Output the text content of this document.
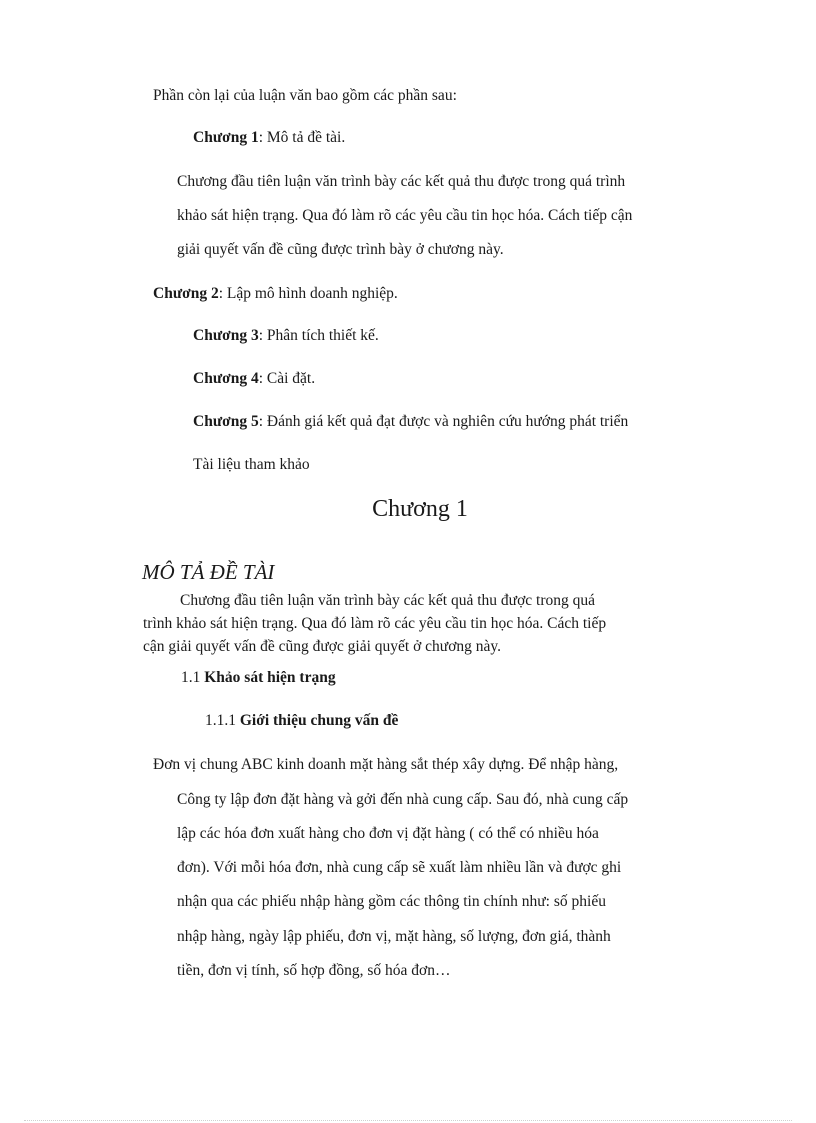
Phần còn lại của luận văn bao gồm các phần sau:
Chương 1: Mô tả đề tài.
Chương đầu tiên luận văn trình bày các kết quả thu được trong quá trình
khảo sát hiện trạng. Qua đó làm rõ các yêu cầu tin học hóa. Cách tiếp cận
giải quyết vấn đề cũng được trình bày ở chương này.
Chương 2: Lập mô hình doanh nghiệp.
Chương 3: Phân tích thiết kế.
Chương 4: Cài đặt.
Chương 5: Đánh giá kết quả đạt được và nghiên cứu hướng phát triển
Tài liệu tham khảo
Chương 1
MÔ TẢ ĐỀ TÀI
Chương đầu tiên luận văn trình bày các kết quả thu được trong quá
trình khảo sát hiện trạng. Qua đó làm rõ các yêu cầu tin học hóa. Cách tiếp
cận giải quyết vấn đề cũng được giải quyết ở chương này.
1.1 Khảo sát hiện trạng
1.1.1 Giới thiệu chung vấn đề
Đơn vị chung ABC kinh doanh mặt hàng sắt thép xây dựng. Để nhập hàng,
Công ty lập đơn đặt hàng và gởi đến nhà cung cấp. Sau đó, nhà cung cấp
lập các hóa đơn xuất hàng cho đơn vị đặt hàng ( có thể có nhiều hóa
đơn). Với mỗi hóa đơn, nhà cung cấp sẽ xuất làm nhiều lần và được ghi
nhận qua các phiếu nhập hàng gồm các thông tin chính như: số phiếu
nhập hàng, ngày lập phiếu, đơn vị, mặt hàng, số lượng, đơn giá, thành
tiền, đơn vị tính, số hợp đồng, số hóa đơn…
